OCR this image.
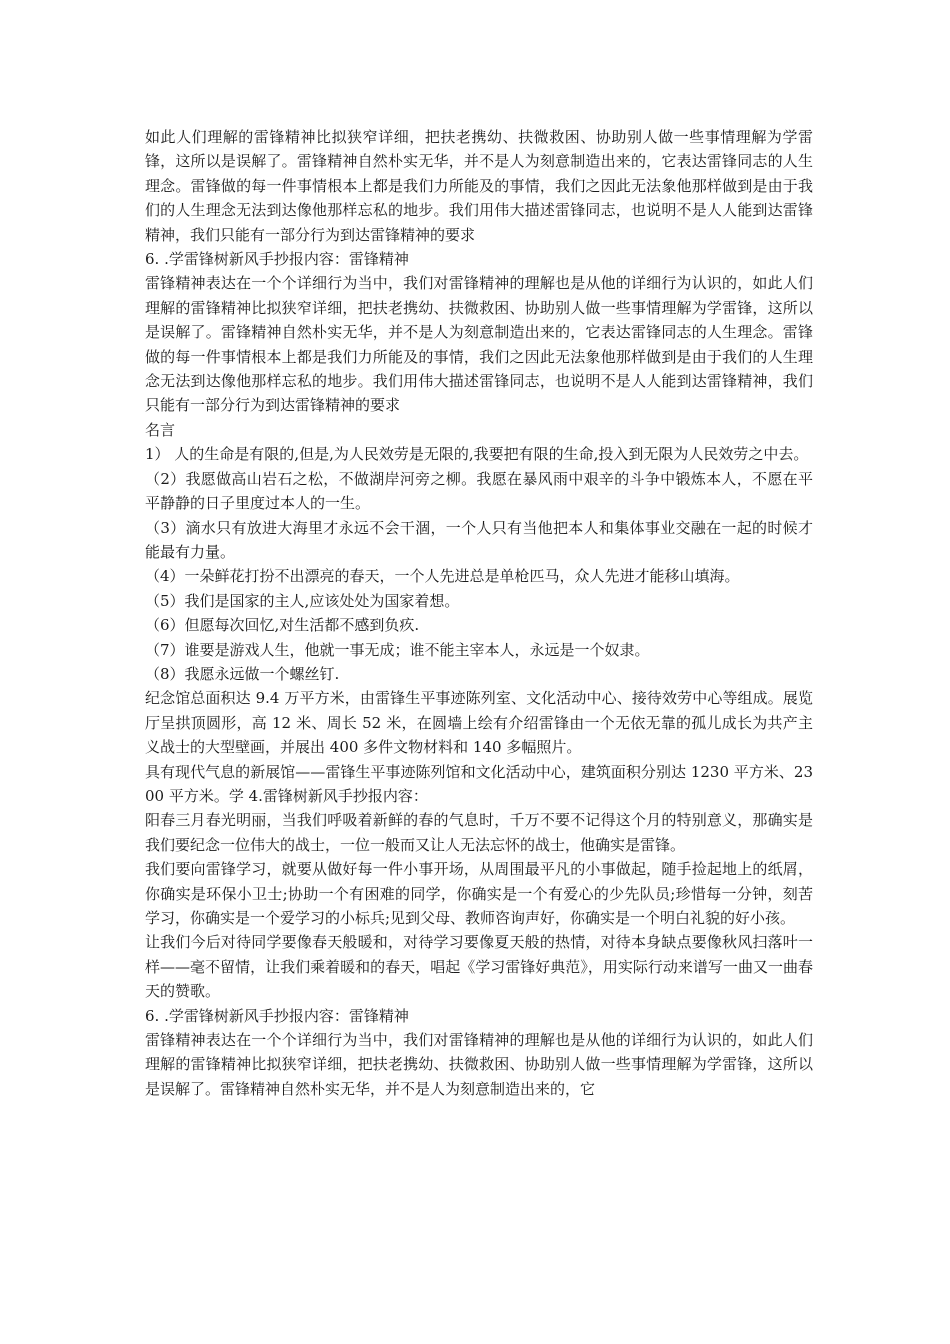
如此人们理解的雷锋精神比拟狭窄详细，把扶老携幼、扶微救困、协助别人做一些事情理解为学雷锋，这所以是误解了。雷锋精神自然朴实无华，并不是人为刻意制造出来的，它表达雷锋同志的人生理念。雷锋做的每一件事情根本上都是我们力所能及的事情，我们之因此无法象他那样做到是由于我们的人生理念无法到达像他那样忘私的地步。我们用伟大描述雷锋同志，也说明不是人人能到达雷锋精神，我们只能有一部分行为到达雷锋精神的要求

6. .学雷锋树新风手抄报内容：雷锋精神

雷锋精神表达在一个个详细行为当中，我们对雷锋精神的理解也是从他的详细行为认识的，如此人们理解的雷锋精神比拟狭窄详细，把扶老携幼、扶微救困、协助别人做一些事情理解为学雷锋，这所以是误解了。雷锋精神自然朴实无华，并不是人为刻意制造出来的，它表达雷锋同志的人生理念。雷锋做的每一件事情根本上都是我们力所能及的事情，我们之因此无法象他那样做到是由于我们的人生理念无法到达像他那样忘私的地步。我们用伟大描述雷锋同志，也说明不是人人能到达雷锋精神，我们只能有一部分行为到达雷锋精神的要求

名言

1） 人的生命是有限的,但是,为人民效劳是无限的,我要把有限的生命,投入到无限为人民效劳之中去。

（2）我愿做高山岩石之松，不做湖岸河旁之柳。我愿在暴风雨中艰辛的斗争中锻炼本人，不愿在平平静静的日子里度过本人的一生。

（3）滴水只有放进大海里才永远不会干涸，一个人只有当他把本人和集体事业交融在一起的时候才能最有力量。

（4）一朵鲜花打扮不出漂亮的春天，一个人先进总是单枪匹马，众人先进才能移山填海。

（5）我们是国家的主人,应该处处为国家着想。

（6）但愿每次回忆,对生活都不感到负疚.

（7）谁要是游戏人生，他就一事无成；谁不能主宰本人，永远是一个奴隶。

（8）我愿永远做一个螺丝钉.

纪念馆总面积达 9.4 万平方米，由雷锋生平事迹陈列室、文化活动中心、接待效劳中心等组成。展览厅呈拱顶圆形，高 12 米、周长 52 米，在圆墙上绘有介绍雷锋由一个无依无靠的孤儿成长为共产主义战士的大型壁画，并展出 400 多件文物材料和 140 多幅照片。

具有现代气息的新展馆——雷锋生平事迹陈列馆和文化活动中心，建筑面积分别达 1230 平方米、2300 平方米。学 4.雷锋树新风手抄报内容：

阳春三月春光明丽，当我们呼吸着新鲜的春的气息时，千万不要不记得这个月的特别意义，那确实是我们要纪念一位伟大的战士，一位一般而又让人无法忘怀的战士，他确实是雷锋。

我们要向雷锋学习，就要从做好每一件小事开场，从周围最平凡的小事做起，随手捡起地上的纸屑，你确实是环保小卫士;协助一个有困难的同学，你确实是一个有爱心的少先队员;珍惜每一分钟，刻苦学习，你确实是一个爱学习的小标兵;见到父母、教师咨询声好，你确实是一个明白礼貌的好小孩。

让我们今后对待同学要像春天般暖和，对待学习要像夏天般的热情，对待本身缺点要像秋风扫落叶一样——毫不留情，让我们乘着暖和的春天，唱起《学习雷锋好典范》，用实际行动来谱写一曲又一曲春天的赞歌。

6. .学雷锋树新风手抄报内容：雷锋精神

雷锋精神表达在一个个详细行为当中，我们对雷锋精神的理解也是从他的详细行为认识的，如此人们理解的雷锋精神比拟狭窄详细，把扶老携幼、扶微救困、协助别人做一些事情理解为学雷锋，这所以是误解了。雷锋精神自然朴实无华，并不是人为刻意制造出来的，它
